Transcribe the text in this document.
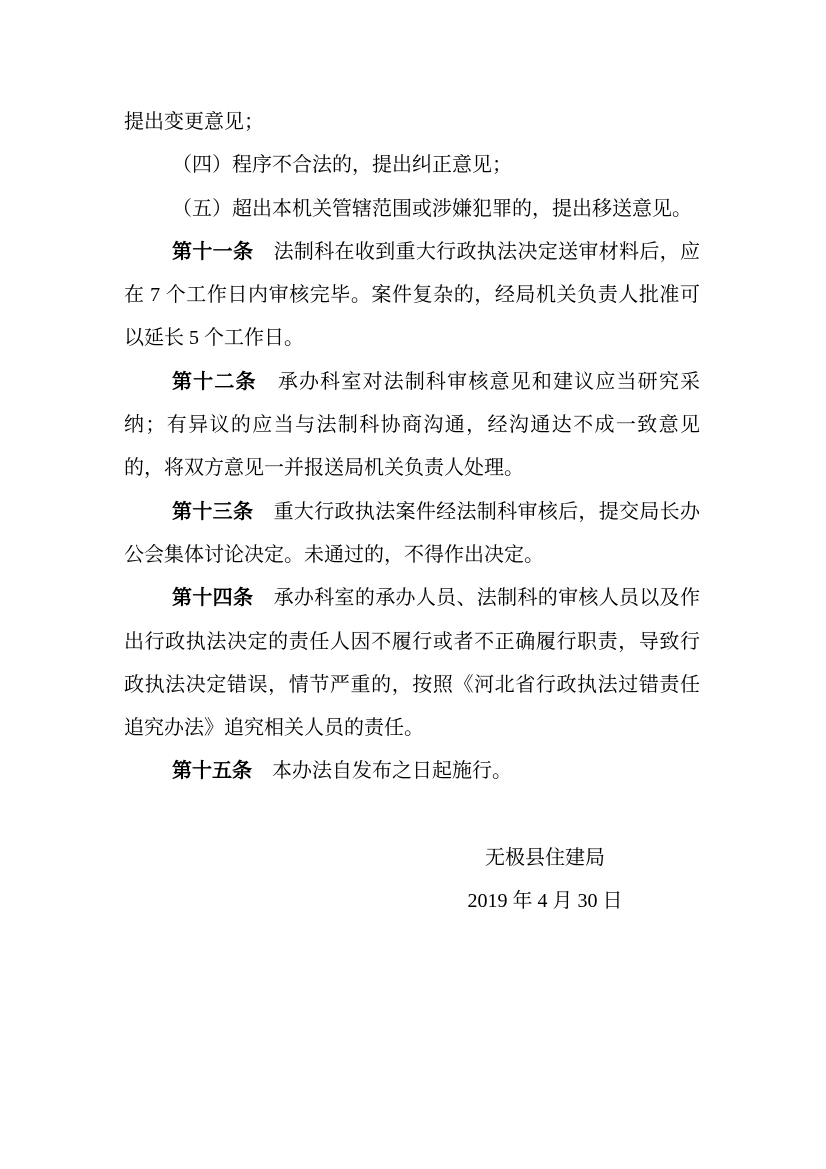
提出变更意见；

（四）程序不合法的，提出纠正意见；

（五）超出本机关管辖范围或涉嫌犯罪的，提出移送意见。

第十一条　法制科在收到重大行政执法决定送审材料后，应在 7 个工作日内审核完毕。案件复杂的，经局机关负责人批准可以延长 5 个工作日。

第十二条　承办科室对法制科审核意见和建议应当研究采纳；有异议的应当与法制科协商沟通，经沟通达不成一致意见的，将双方意见一并报送局机关负责人处理。

第十三条　重大行政执法案件经法制科审核后，提交局长办公会集体讨论决定。未通过的，不得作出决定。

第十四条　承办科室的承办人员、法制科的审核人员以及作出行政执法决定的责任人因不履行或者不正确履行职责，导致行政执法决定错误，情节严重的，按照《河北省行政执法过错责任追究办法》追究相关人员的责任。

第十五条　本办法自发布之日起施行。

无极县住建局
2019 年 4 月 30 日
